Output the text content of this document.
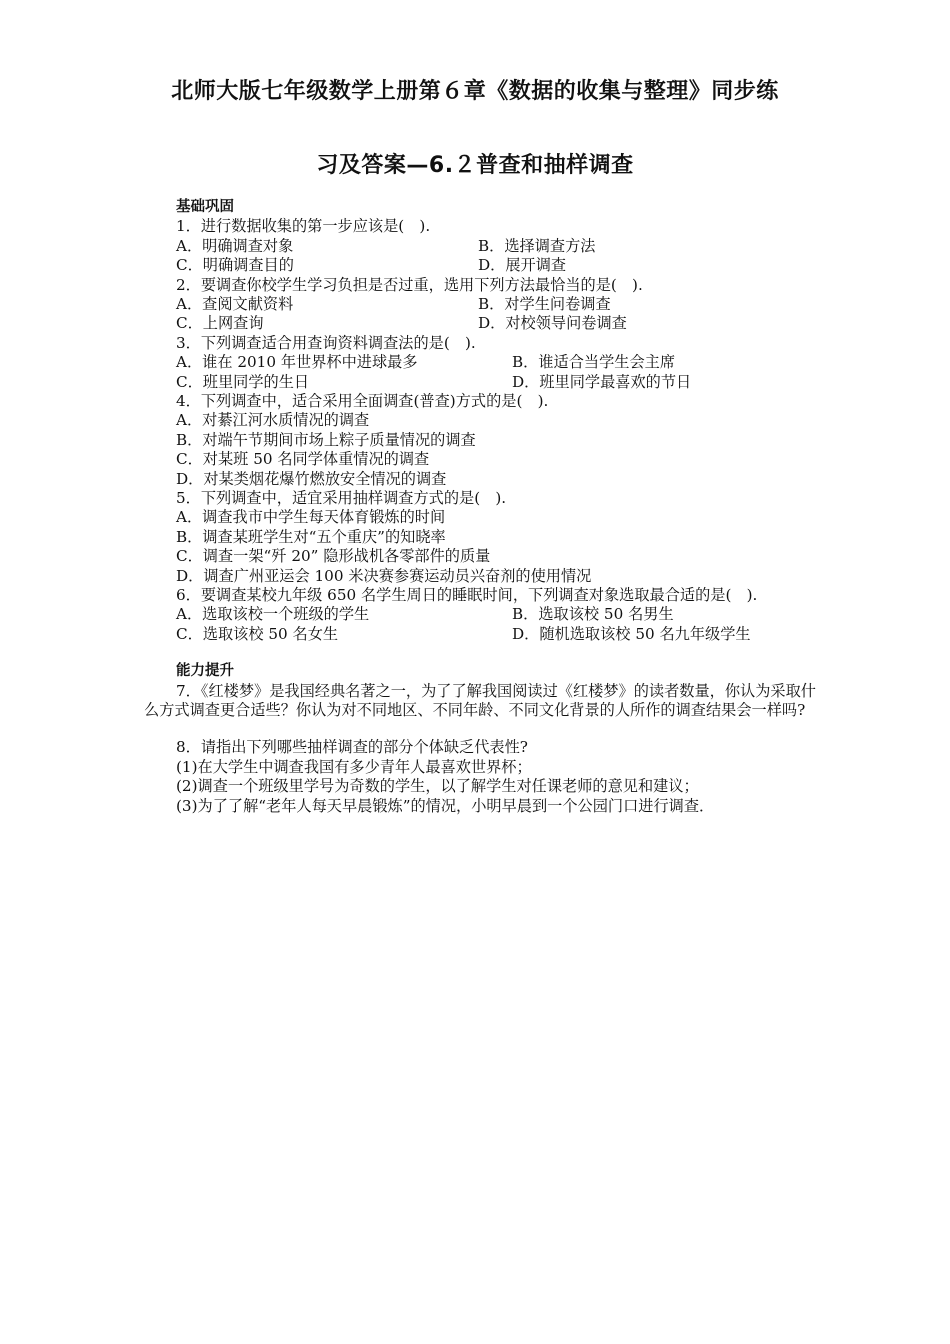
北师大版七年级数学上册第６章《数据的收集与整理》同步练
习及答案—6.２普查和抽样调查
基础巩固
1．进行数据收集的第一步应该是(　).
A．明确调查对象	B．选择调查方法
C．明确调查目的	D．展开调查
2．要调查你校学生学习负担是否过重，选用下列方法最恰当的是(　).
A．查阅文献资料	B．对学生问卷调查
C．上网查询	D．对校领导问卷调查
3．下列调查适合用查询资料调查法的是(　).
A．谁在 2010 年世界杯中进球最多	B．谁适合当学生会主席
C．班里同学的生日	D．班里同学最喜欢的节日
4．下列调查中，适合采用全面调查(普查)方式的是(　).
A．对綦江河水质情况的调查
B．对端午节期间市场上粽子质量情况的调查
C．对某班 50 名同学体重情况的调查
D．对某类烟花爆竹燃放安全情况的调查
5．下列调查中，适宜采用抽样调查方式的是(　).
A．调查我市中学生每天体育锻炼的时间
B．调查某班学生对“五个重庆”的知晓率
C．调查一架“歼 20” 隐形战机各零部件的质量
D．调查广州亚运会 100 米决赛参赛运动员兴奋剂的使用情况
6．要调查某校九年级 650 名学生周日的睡眠时间，下列调查对象选取最合适的是(　).
A．选取该校一个班级的学生	B．选取该校 50 名男生
C．选取该校 50 名女生	D．随机选取该校 50 名九年级学生
能力提升
7．《红楼梦》是我国经典名著之一，为了了解我国阅读过《红楼梦》的读者数量，你认为采取什么方式调查更合适些？你认为对不同地区、不同年龄、不同文化背景的人所作的调查结果会一样吗?
8．请指出下列哪些抽样调查的部分个体缺乏代表性?
(1)在大学生中调查我国有多少青年人最喜欢世界杯；
(2)调查一个班级里学号为奇数的学生，以了解学生对任课老师的意见和建议；
(3)为了了解“老年人每天早晨锻炼”的情况，小明早晨到一个公园门口进行调查．
